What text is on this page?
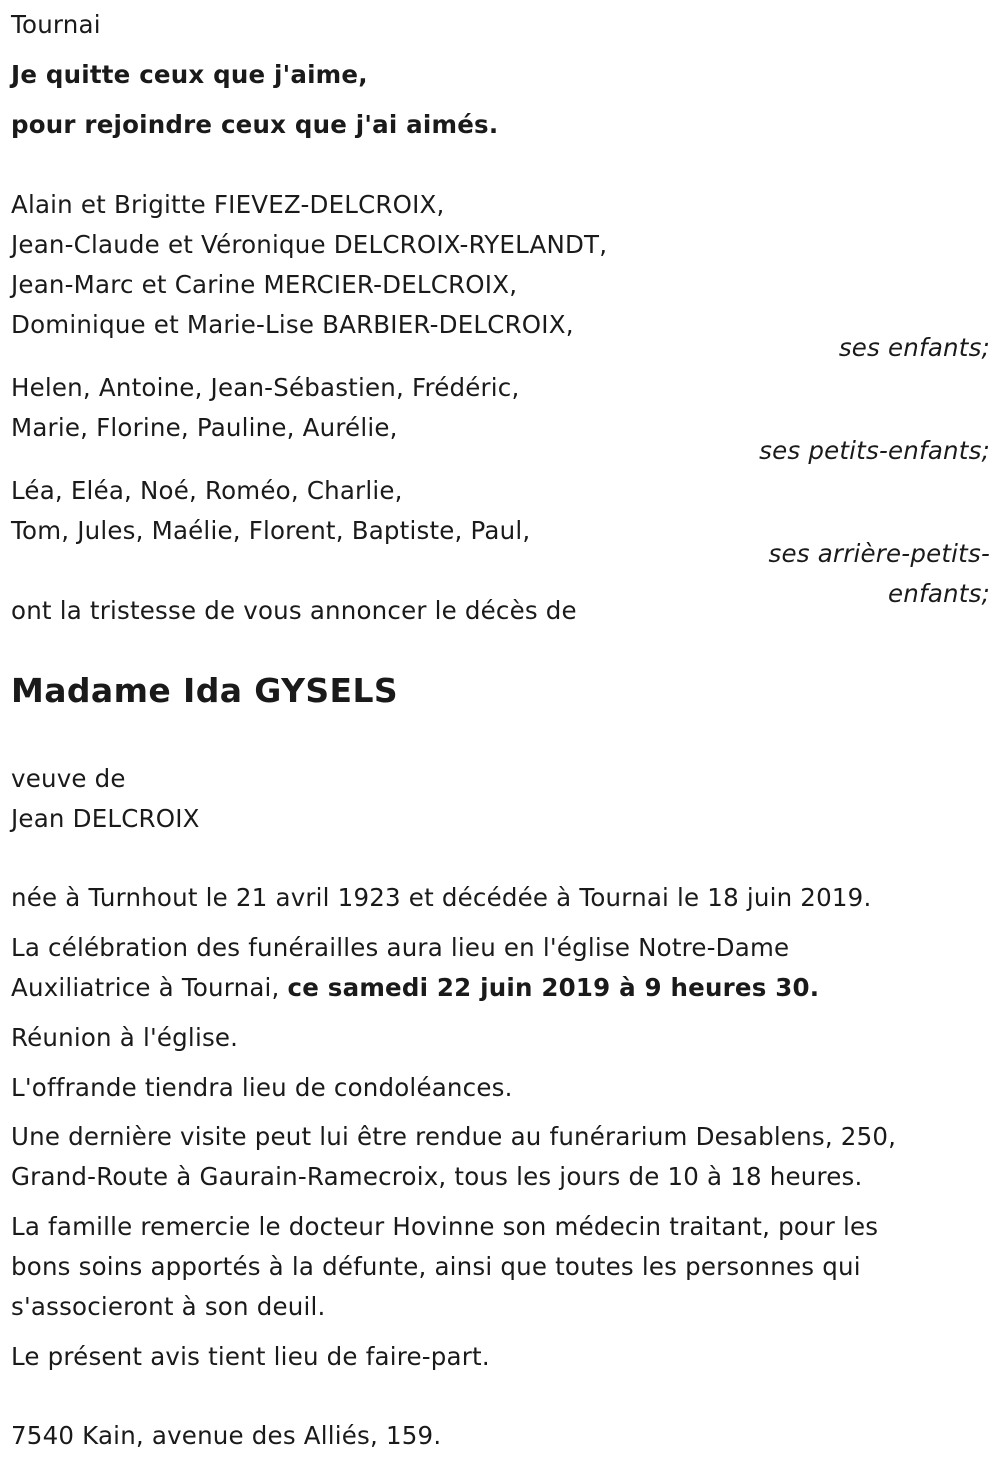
Tournai
Je quitte ceux que j'aime,
pour rejoindre ceux que j'ai aimés.
Alain et Brigitte FIEVEZ-DELCROIX,
Jean-Claude et Véronique DELCROIX-RYELANDT,
Jean-Marc et Carine MERCIER-DELCROIX,
Dominique et Marie-Lise BARBIER-DELCROIX,
ses enfants;
Helen, Antoine, Jean-Sébastien, Frédéric,
Marie, Florine, Pauline, Aurélie,
ses petits-enfants;
Léa, Eléa, Noé, Roméo, Charlie,
Tom, Jules, Maélie, Florent, Baptiste, Paul,
ses arrière-petits-
enfants;
ont la tristesse de vous annoncer le décès de
Madame Ida GYSELS
veuve de
Jean DELCROIX
née à Turnhout le 21 avril 1923 et décédée à Tournai le 18 juin 2019.
La célébration des funérailles aura lieu en l'église Notre-Dame
Auxiliatrice à Tournai, ce samedi 22 juin 2019 à 9 heures 30.
Réunion à l'église.
L'offrande tiendra lieu de condoléances.
Une dernière visite peut lui être rendue au funérarium Desablens, 250,
Grand-Route à Gaurain-Ramecroix, tous les jours de 10 à 18 heures.
La famille remercie le docteur Hovinne son médecin traitant, pour les
bons soins apportés à la défunte, ainsi que toutes les personnes qui
s'associeront à son deuil.
Le présent avis tient lieu de faire-part.
7540 Kain, avenue des Alliés, 159.
